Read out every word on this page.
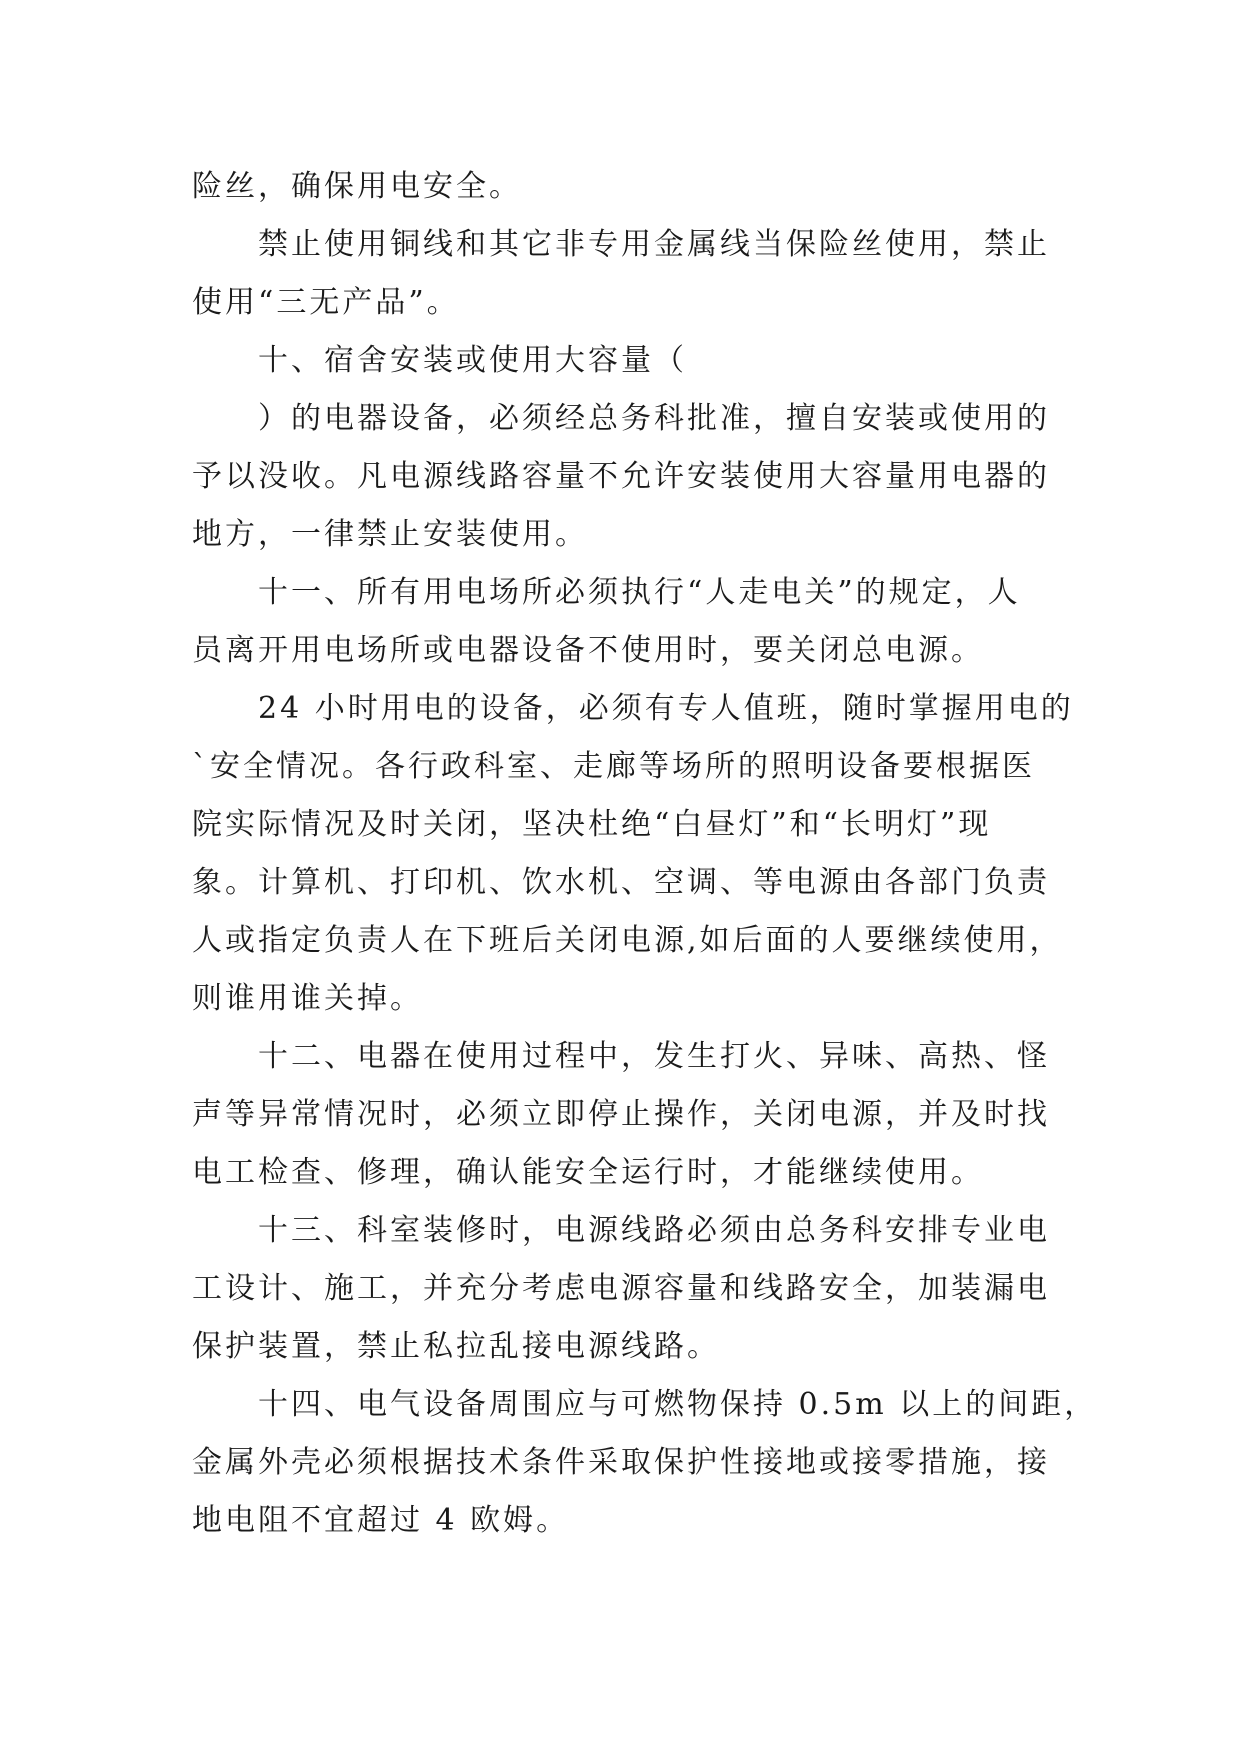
险丝，确保用电安全。

禁止使用铜线和其它非专用金属线当保险丝使用，禁止
使用“三无产品”。

十、宿舍安装或使用大容量（

）的电器设备，必须经总务科批准，擅自安装或使用的
予以没收。凡电源线路容量不允许安装使用大容量用电器的
地方，一律禁止安装使用。

十一、所有用电场所必须执行“人走电关”的规定，人
员离开用电场所或电器设备不使用时，要关闭总电源。

24 小时用电的设备，必须有专人值班，随时掌握用电的
`安全情况。各行政科室、走廊等场所的照明设备要根据医
院实际情况及时关闭，坚决杜绝“白昼灯”和“长明灯”现
象。计算机、打印机、饮水机、空调、等电源由各部门负责
人或指定负责人在下班后关闭电源,如后面的人要继续使用，
则谁用谁关掉。

十二、电器在使用过程中，发生打火、异味、高热、怪
声等异常情况时，必须立即停止操作，关闭电源，并及时找
电工检查、修理，确认能安全运行时，才能继续使用。

十三、科室装修时，电源线路必须由总务科安排专业电
工设计、施工，并充分考虑电源容量和线路安全，加装漏电
保护装置，禁止私拉乱接电源线路。

十四、电气设备周围应与可燃物保持 0.5m 以上的间距，
金属外壳必须根据技术条件采取保护性接地或接零措施，接
地电阻不宜超过 4 欧姆。
